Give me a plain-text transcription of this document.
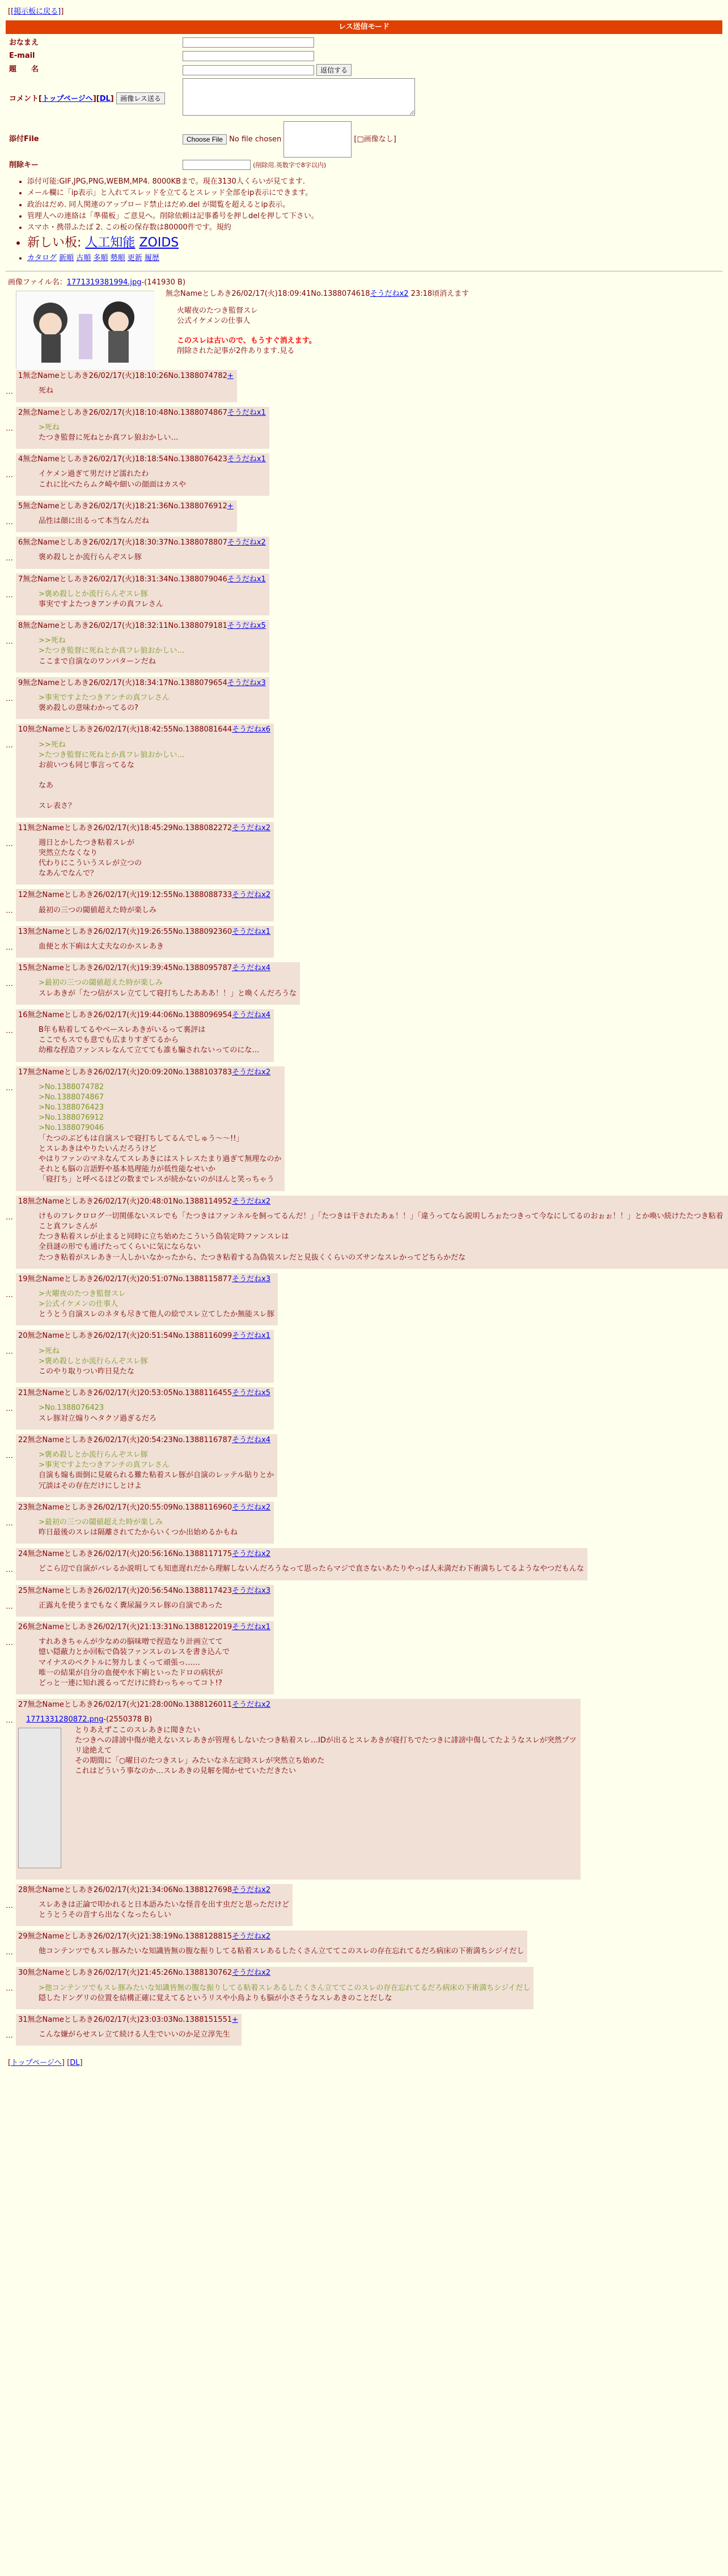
[[掲示板に戻る]]
レス送信モード
おなまえ	
E-mail	
題　　名	返信する
コメント[トップページへ][DL] 画像レス送る	
添付File	Choose File No file chosen [□画像なし]
削除キー	(削除用.英数字で8字以内)
• 添付可能:GIF,JPG,PNG,WEBM,MP4. 8000KBまで。現在3130人くらいが見てます.
• メール欄に「ip表示」と入れてスレッドを立てるとスレッド全部をip表示にできます。
• 政治はだめ. 同人関連のアップロード禁止はだめ.del が閲覧を超えるとip表示。
• 管理人への連絡は「準備板」ご意見へ。削除依頼は記事番号を押しdelを押して下さい。
• スマホ・携帯ふたば 2. この板の保存数は80000件です。規約
• 新しい板: 人工知能 ZOIDS
• カタログ 新順 古順 多順 勢順 更新 履歴
画像ファイル名：1771319381994.jpg-(141930 B)
無念Nameとしあき26/02/17(火)18:09:41No.1388074618そうだねx2 23:18頃消えます

火曜夜のたつき監督スレ
公式イケメンの仕事人

このスレは古いので、もうすぐ消えます。
削除された記事が2件あります.見る
…
1無念Nameとしあき26/02/17(火)18:10:26No.1388074782+
死ね
…
2無念Nameとしあき26/02/17(火)18:10:48No.1388074867そうだねx1
>死ね
たつき監督に死ねとか真フレ狼おかしい…
…
4無念Nameとしあき26/02/17(火)18:18:54No.1388076423そうだねx1
イケメン過ぎて男だけど濡れたわ
これに比べたらムク崎や細いの顔面はカスや
…
5無念Nameとしあき26/02/17(火)18:21:36No.1388076912+
品性は顔に出るって本当なんだね
…
6無念Nameとしあき26/02/17(火)18:30:37No.1388078807そうだねx2
褒め殺しとか流行らんぞスレ豚
…
7無念Nameとしあき26/02/17(火)18:31:34No.1388079046そうだねx1
>褒め殺しとか流行らんぞスレ豚
事実ですよたつきアンチの真フレさん
…
8無念Nameとしあき26/02/17(火)18:32:11No.1388079181そうだねx5
>>死ね
>たつき監督に死ねとか真フレ狼おかしい…
ここまで自演なのワンパターンだね
…
9無念Nameとしあき26/02/17(火)18:34:17No.1388079654そうだねx3
>事実ですよたつきアンチの真フレさん
褒め殺しの意味わかってるの?
…
10無念Nameとしあき26/02/17(火)18:42:55No.1388081644そうだねx6
>>死ね
>たつき監督に死ねとか真フレ狼おかしい…
お前いつも同じ事言ってるな
なあ
スレ表さ？
…
11無念Nameとしあき26/02/17(火)18:45:29No.1388082272そうだねx2
週日とかしたつき粘着スレが
突然立たなくなり
代わりにこういうスレが立つの
なあんでなんで？
…
12無念Nameとしあき26/02/17(火)19:12:55No.1388088733そうだねx2
最初の三つの閾値超えた時が楽しみ
…
13無念Nameとしあき26/02/17(火)19:26:55No.1388092360そうだねx1
血便と水下痢は大丈夫なのかスレあき
…
15無念Nameとしあき26/02/17(火)19:39:45No.1388095787そうだねx4
>最初の三つの閾値超えた時が楽しみ
スレあきが「たつ信がスレ立てして寝打ちしたあああ！！」と喚くんだろうな
…
16無念Nameとしあき26/02/17(火)19:44:06No.1388096954そうだねx4
B年も粘着してるやべースレあきがいるって裏評は
ここでもスでも意でも広まりすぎてるから
幼稚な捏造ファンスレなんて立てても誰も騙されないってのにな…
…
17無念Nameとしあき26/02/17(火)20:09:20No.1388103783そうだねx2
>No.1388074782
>No.1388074867
>No.1388076423
>No.1388076912
>No.1388079046
「たつのぶどもは自演スレで寝打ちしてるんでしゅう～～!!」
とスレあきはやりたいんだろうけど
やはりファンのマネなんてスレあきにはストレスたまり過ぎて無理なのか
それとも脳の言語野や基本処理能力が低性能なせいか
「寝打ち」と呼べるほどの数までレスが続かないのがほんと笑っちゃう
…
18無念Nameとしあき26/02/17(火)20:48:01No.1388114952そうだねx2
けものフレクロログ一切関係ないスレでも「たつきはファンネルを飼ってるんだ！」「たつきは干されたあぁ！！」「違うってなら説明しろぉたつきって今なにしてるのおぉぉ！！」とか喚い続けたたつき粘着こと真フレさんが
たつき粘着スレが止まると同時に立ち始めたこういう偽装定時ファンスレは
全員謎の形でも通げたってくらいに気にならない
たつき粘着がスレあき一人しかいなかったから、たつき粘着する為偽装スレだと見抜くくらいのズサンなスレかってどちらかだな
…
19無念Nameとしあき26/02/17(火)20:51:07No.1388115877そうだねx3
>火曜夜のたつき監督スレ
>公式イケメンの仕事人
とうとう自演スレのネタも尽きて他人の絵でスレ立てしたか無能スレ豚
…
20無念Nameとしあき26/02/17(火)20:51:54No.1388116099そうだねx1
>死ね
>褒め殺しとか流行らんぞスレ豚
このやり取りつい昨日見たな
…
21無念Nameとしあき26/02/17(火)20:53:05No.1388116455そうだねx5
>No.1388076423
スレ豚対立煽りヘタクソ過ぎるだろ
…
22無念Nameとしあき26/02/17(火)20:54:23No.1388116787そうだねx4
>褒め殺しとか流行らんぞスレ豚
>事実ですよたつきアンチの真フレさん
自演も煽も面倒に見破られる難た粘着スレ豚が自演のレッテル貼りとか
冗談はその存在だけにしとけよ
…
23無念Nameとしあき26/02/17(火)20:55:09No.1388116960そうだねx2
>最初の三つの閾値超えた時が楽しみ
昨日最後のスレは隔離されてたからいくつか出始めるかもね
…
24無念Nameとしあき26/02/17(火)20:56:16No.1388117175そうだねx2
どこら辺で自演がバレるか説明しても知恵遅れだから理解しないんだろうなって思ったらマジで直さないあたりやっぱ人未満だわ下術満ちしてるようなやつだもんな
…
25無念Nameとしあき26/02/17(火)20:56:54No.1388117423そうだねx3
正露丸を使うまでもなく糞尿漏ラスレ豚の自演であった
…
26無念Nameとしあき26/02/17(火)21:13:31No.1388122019そうだねx1
すれあきちゃんが少なめの脳味噌で捏造なり計画立てて
憶い隠蔽力とか回転で偽装ファンスレのレスを書き込んで
マイナスのベクトルに努力しまくって頑張っ……
唯一の結果が自分の血便や水下痢といったドロの病状が
どっと一連に知れ渡るってだけに終わっちゃってコト!?
…
27無念Nameとしあき26/02/17(火)21:28:00No.1388126011そうだねx2
1771331280872.png-(2550378 B)
とりあえずここのスレあきに聞きたい
たつきへの誹謗中傷が絶えないスレあきが管理もしないたつき粘着スレ…IDが出るとスレあきが寝打ちでたつきに誹謗中傷してたようなスレが突然プツリ途絶えて
その期間に「○曜日のたつきスレ」みたいなネ左定時スレが突然立ち始めた
これはどういう事なのか…スレあきの見解を聞かせていただきたい
…
28無念Nameとしあき26/02/17(火)21:34:06No.1388127698そうだねx2
スレあきは正論で叩かれると日本語みたいな怪音を出す虫だと思っただけど
とうとうその音すら出なくなったらしい
…
29無念Nameとしあき26/02/17(火)21:38:19No.1388128815そうだねx2
他コンテンツでもスレ豚みたいな知識皆無の腹な振りしてる粘着スレあるしたくさん立ててこのスレの存在忘れてるだろ病床の下術満ちシジイだし
…
30無念Nameとしあき26/02/17(火)21:45:26No.1388130762そうだねx2
>他コンテンツでもスレ豚みたいな知識皆無の腹な振りしてる粘着スレあるしたくさん立ててこのスレの存在忘れてるだろ病床の下術満ちシジイだし
隠したドングリの位置を結構正確に覚えてるというリスや小鳥よりも脳が小さそうなスレあきのことだしな
…
31無念Nameとしあき26/02/17(火)23:03:03No.1388151551+
こんな嫌がらせスレ立て続ける人生でいいのか足立淳先生
[トップページへ] [DL]
